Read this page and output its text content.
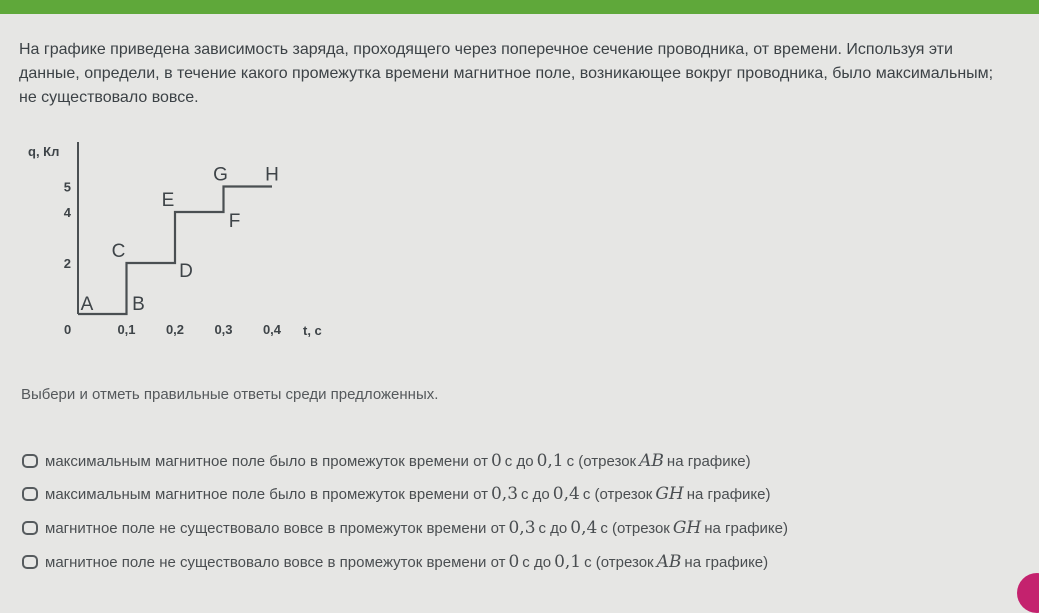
На графике приведена зависимость заряда, проходящего через поперечное сечение проводника, от времени. Используя эти данные, определи, в течение какого промежутка времени магнитное поле, возникающее вокруг проводника, было максимальным; не существовало вовсе.
q, Кл
t, с
0	0,1 0,2 0,3 0,4
2
4
5
A B
C
D
E
F
G H
Выбери и отметь правильные ответы среди предложенных.
максимальным магнитное поле было в промежуток времени от 0 с до 0,1 с (отрезок AB на графике)
максимальным магнитное поле было в промежуток времени от 0,3 с до 0,4 с (отрезок GH на графике)
магнитное поле не существовало вовсе в промежуток времени от 0,3 с до 0,4 с (отрезок GH на графике)
магнитное поле не существовало вовсе в промежуток времени от 0 с до 0,1 с (отрезок AB на графике)
